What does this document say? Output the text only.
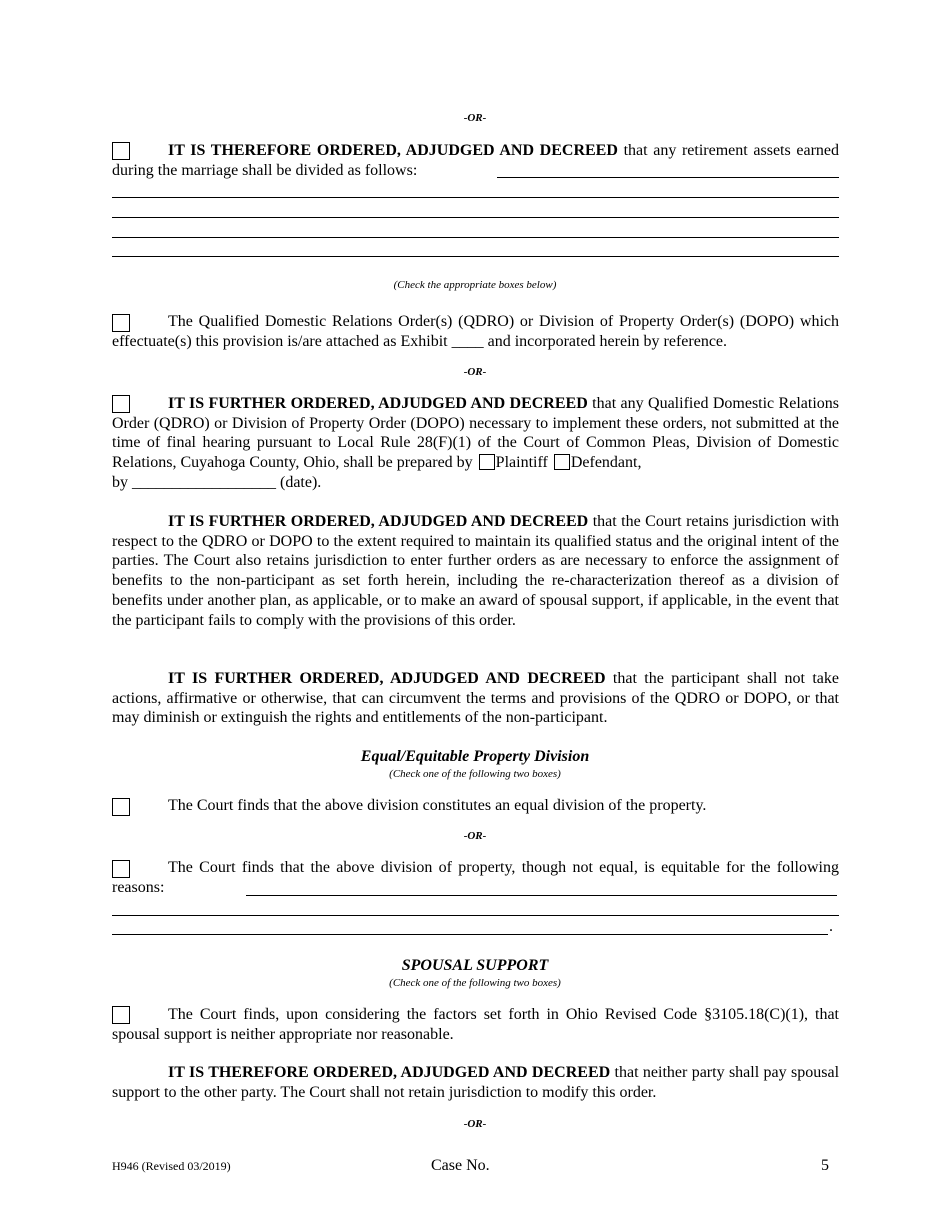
-OR-
IT IS THEREFORE ORDERED, ADJUDGED AND DECREED that any retirement assets earned during the marriage shall be divided as follows:
(Check the appropriate boxes below)
The Qualified Domestic Relations Order(s) (QDRO) or Division of Property Order(s) (DOPO) which effectuate(s) this provision is/are attached as Exhibit ____ and incorporated herein by reference.
-OR-
IT IS FURTHER ORDERED, ADJUDGED AND DECREED that any Qualified Domestic Relations Order (QDRO) or Division of Property Order (DOPO) necessary to implement these orders, not submitted at the time of final hearing pursuant to Local Rule 28(F)(1) of the Court of Common Pleas, Division of Domestic Relations, Cuyahoga County, Ohio, shall be prepared by Plaintiff Defendant,
by __________________ (date).
IT IS FURTHER ORDERED, ADJUDGED AND DECREED that the Court retains jurisdiction with respect to the QDRO or DOPO to the extent required to maintain its qualified status and the original intent of the parties. The Court also retains jurisdiction to enter further orders as are necessary to enforce the assignment of benefits to the non-participant as set forth herein, including the re-characterization thereof as a division of benefits under another plan, as applicable, or to make an award of spousal support, if applicable, in the event that the participant fails to comply with the provisions of this order.
IT IS FURTHER ORDERED, ADJUDGED AND DECREED that the participant shall not take actions, affirmative or otherwise, that can circumvent the terms and provisions of the QDRO or DOPO, or that may diminish or extinguish the rights and entitlements of the non-participant.
Equal/Equitable Property Division
(Check one of the following two boxes)
The Court finds that the above division constitutes an equal division of the property.
-OR-
The Court finds that the above division of property, though not equal, is equitable for the following reasons:
.
SPOUSAL SUPPORT
(Check one of the following two boxes)
The Court finds, upon considering the factors set forth in Ohio Revised Code §3105.18(C)(1), that spousal support is neither appropriate nor reasonable.
IT IS THEREFORE ORDERED, ADJUDGED AND DECREED that neither party shall pay spousal support to the other party. The Court shall not retain jurisdiction to modify this order.
-OR-
H946 (Revised 03/2019)	Case No.	5
